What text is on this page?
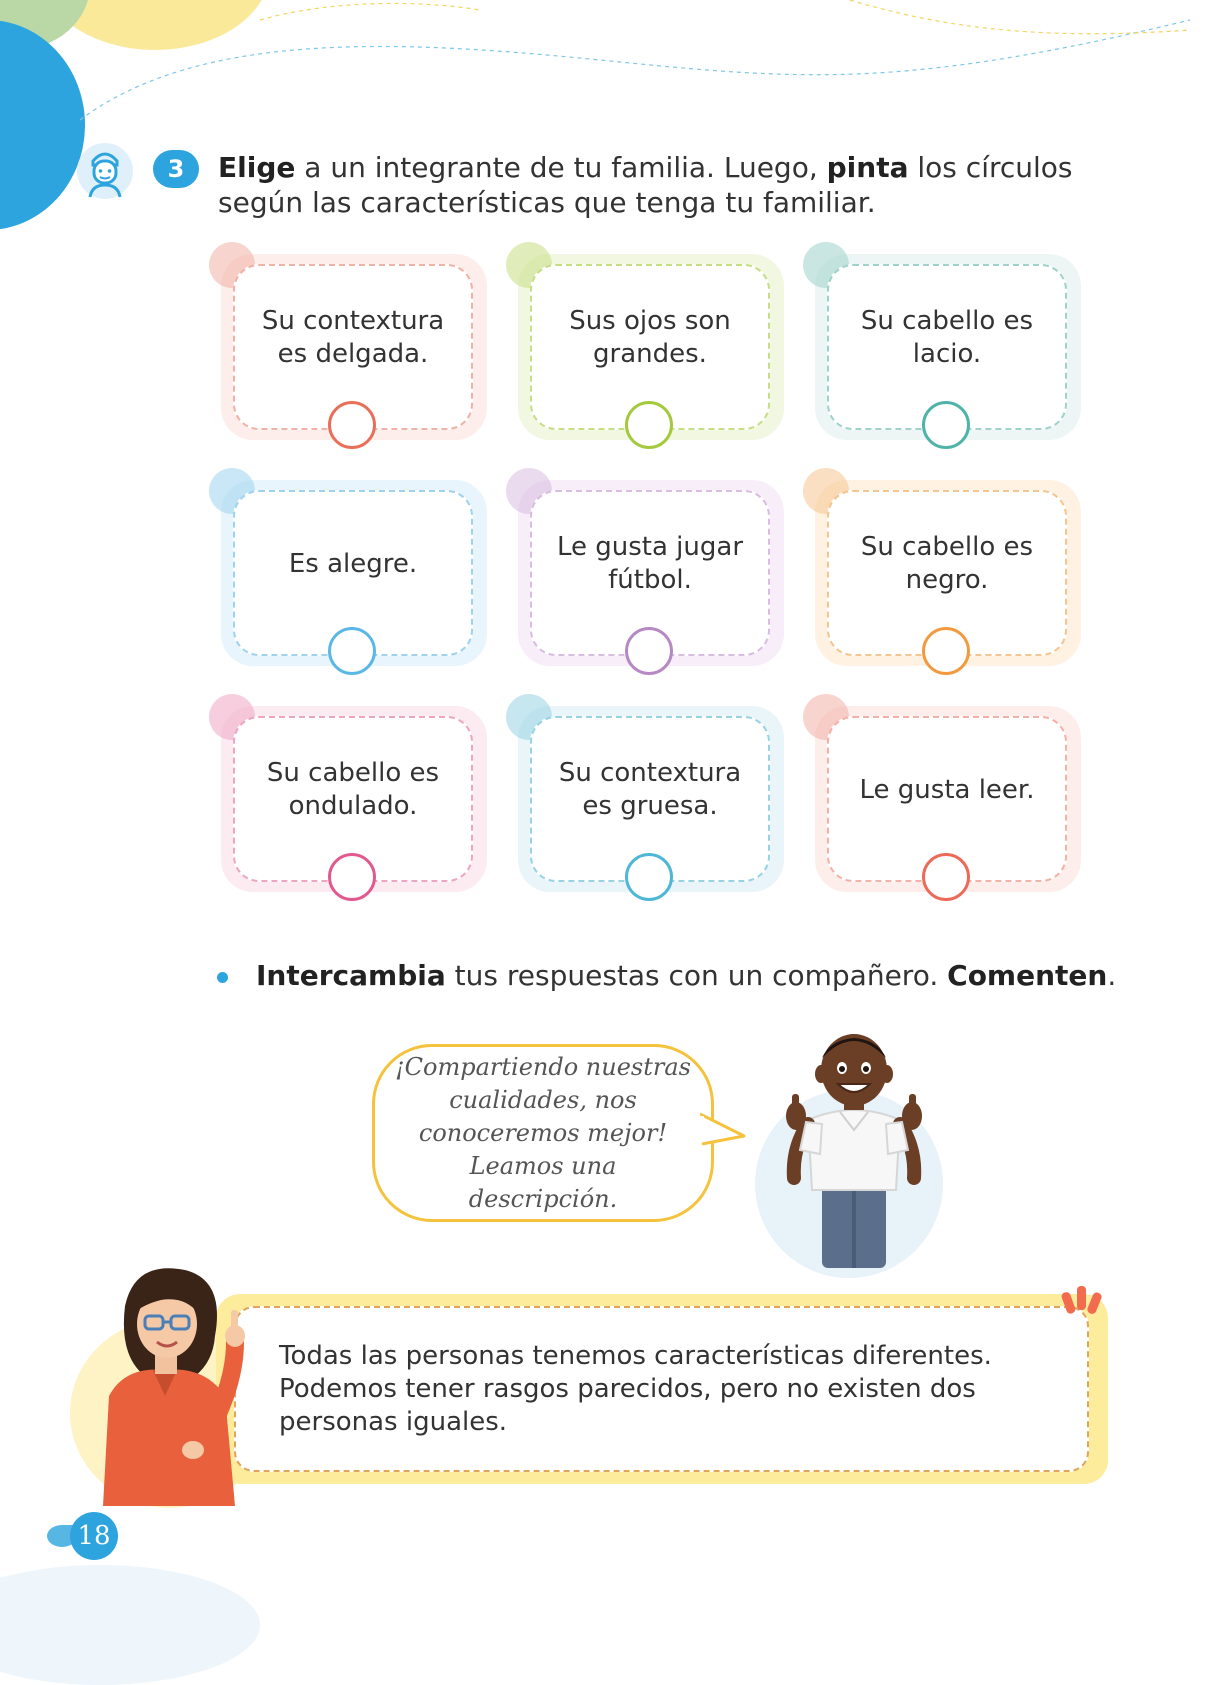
3	Elige a un integrante de tu familia. Luego, pinta los círculos según las características que tenga tu familiar.
Su contextura es delgada.
Sus ojos son grandes.
Su cabello es lacio.
Es alegre.
Le gusta jugar fútbol.
Su cabello es negro.
Su cabello es ondulado.
Su contextura es gruesa.
Le gusta leer.
Intercambia tus respuestas con un compañero. Comenten.

¡Compartiendo nuestras cualidades, nos conoceremos mejor! Leamos una descripción.

Todas las personas tenemos características diferentes. Podemos tener rasgos parecidos, pero no existen dos personas iguales.
18
